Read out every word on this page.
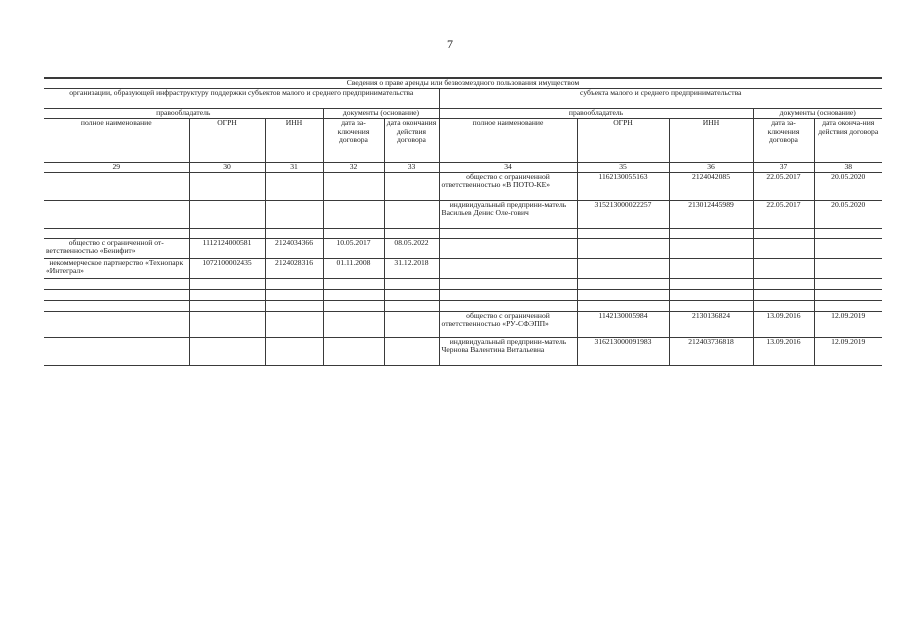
7

Сведения о праве аренды или безвозмездного пользования имуществом									
организации, образующей инфраструктуру поддержки субъектов малого и среднего предпринимательства					субъекта малого и среднего предпринимательства				
правообладатель			документы (основание)		правообладатель			документы (основание)	
полное наименование	ОГРН	ИНН	дата за-ключения договора	дата окончания действия договора	полное наименование	ОГРН	ИНН	дата за-ключения договора	дата оконча-ния действия договора
29	30	31	32	33	34	35	36	37	38
					общество с ограниченной ответственностью «В ПОТО-КЕ»	1162130055163	2124042085	22.05.2017	20.05.2020
					индивидуальный предприни-матель Васильев Денис Оле-гович	315213000022257	213012445989	22.05.2017	20.05.2020

общество с ограниченной от-ветственностью «Бенифит»	1112124000581	2124034366	10.05.2017	08.05.2022					
некоммерческое партнерство «Технопарк «Интеграл»	1072100002435	2124028316	01.11.2008	31.12.2018					

					общество с ограниченной ответственностью «РУ-СФЭПП»	1142130005984	2130136824	13.09.2016	12.09.2019
					индивидуальный предприни-матель Чернова Валентина Витальевна	316213000091983	212403736818	13.09.2016	12.09.2019
